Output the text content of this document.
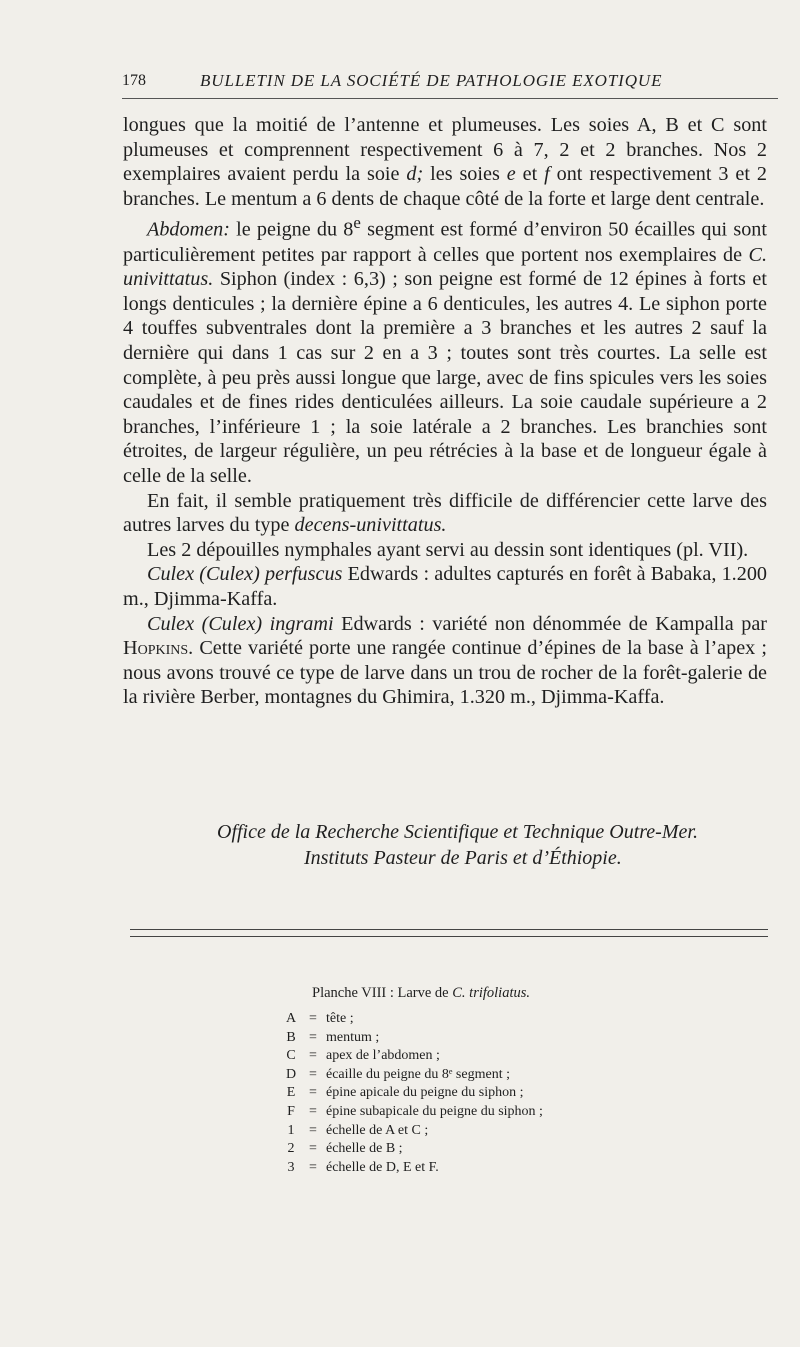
178	BULLETIN DE LA SOCIÉTÉ DE PATHOLOGIE EXOTIQUE

longues que la moitié de l’antenne et plumeuses. Les soies A, B et C sont plumeuses et comprennent respectivement 6 à 7, 2 et 2 branches. Nos 2 exemplaires avaient perdu la soie d; les soies e et f ont respectivement 3 et 2 branches. Le mentum a 6 dents de chaque côté de la forte et large dent centrale.

Abdomen: le peigne du 8e segment est formé d’environ 50 écailles qui sont particulièrement petites par rapport à celles que portent nos exemplaires de C. univittatus. Siphon (index : 6,3) ; son peigne est formé de 12 épines à forts et longs denticules ; la dernière épine a 6 denticules, les autres 4. Le siphon porte 4 touffes subventrales dont la première a 3 branches et les autres 2 sauf la dernière qui dans 1 cas sur 2 en a 3 ; toutes sont très courtes. La selle est complète, à peu près aussi longue que large, avec de fins spicules vers les soies caudales et de fines rides denticulées ailleurs. La soie caudale supérieure a 2 branches, l’inférieure 1 ; la soie latérale a 2 branches. Les branchies sont étroites, de largeur régulière, un peu rétrécies à la base et de longueur égale à celle de la selle.

En fait, il semble pratiquement très difficile de différencier cette larve des autres larves du type decens-univittatus.

Les 2 dépouilles nymphales ayant servi au dessin sont identiques (pl. VII).

Culex (Culex) perfuscus Edwards : adultes capturés en forêt à Babaka, 1.200 m., Djimma-Kaffa.

Culex (Culex) ingrami Edwards : variété non dénommée de Kampalla par Hopkins. Cette variété porte une rangée continue d’épines de la base à l’apex ; nous avons trouvé ce type de larve dans un trou de rocher de la forêt-galerie de la rivière Berber, montagnes du Ghimira, 1.320 m., Djimma-Kaffa.

Office de la Recherche Scientifique et Technique Outre-Mer.
Instituts Pasteur de Paris et d’Éthiopie.
Planche VIII : Larve de C. trifoliatus.
A = tête ;
B = mentum ;
C = apex de l’abdomen ;
D = écaille du peigne du 8ᵉ segment ;
E = épine apicale du peigne du siphon ;
F	= épine subapicale du peigne du siphon ;
1	= échelle de A et C ;
2	= échelle de B ;
3	= échelle de D, E et F.
